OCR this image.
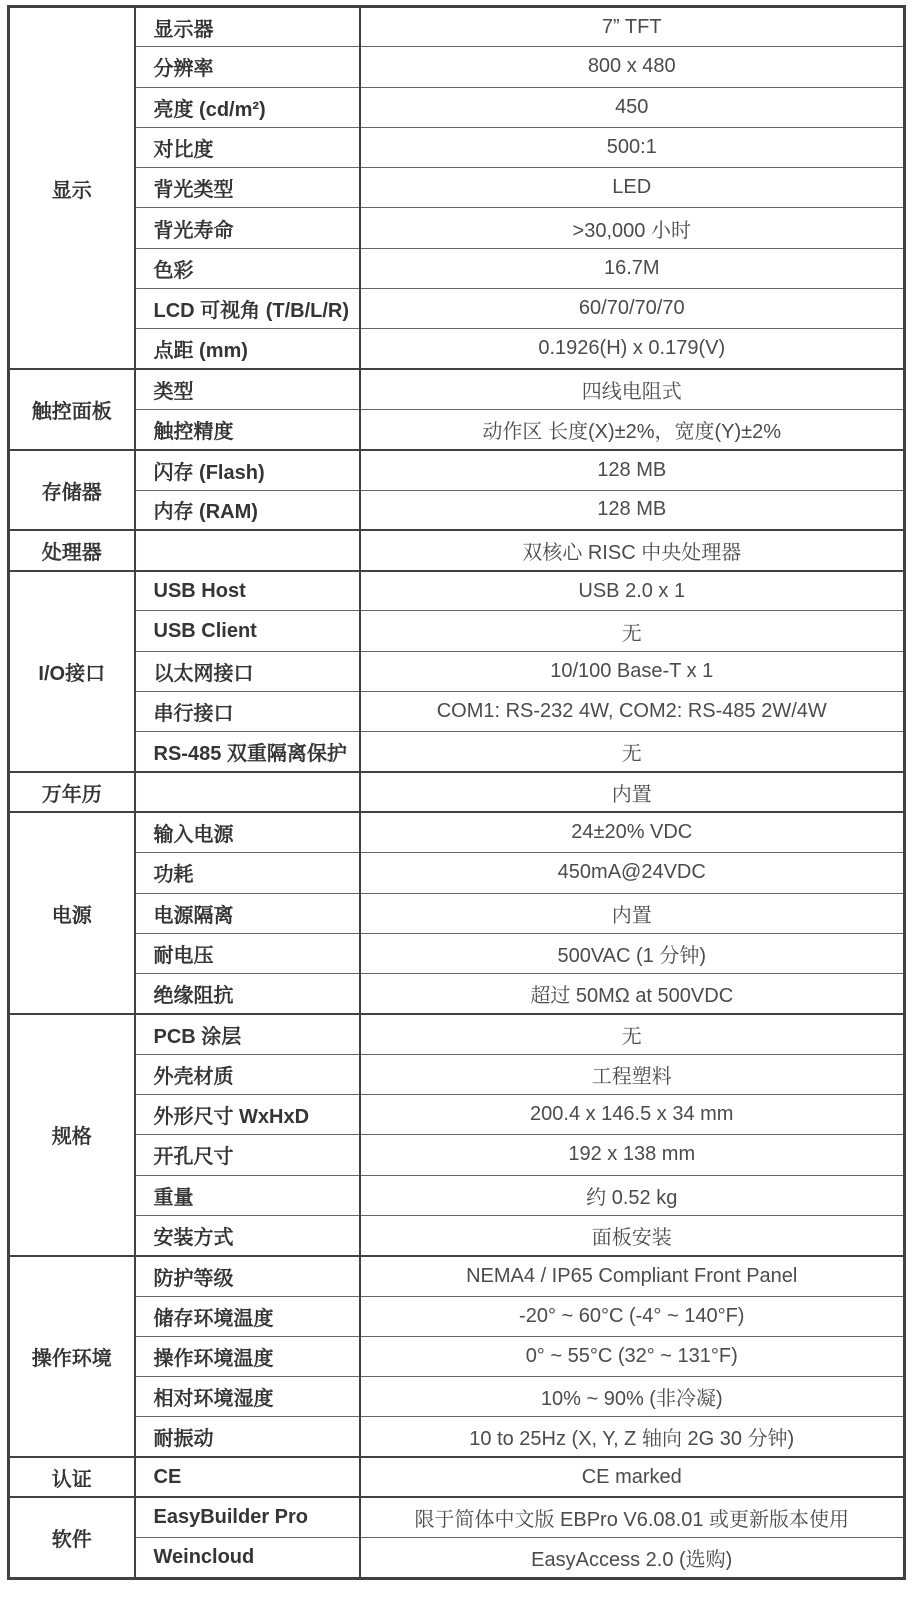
显示	显示器	7” TFT
	分辨率	800 x 480
	亮度 (cd/m²)	450
	对比度	500:1
	背光类型	LED
	背光寿命	>30,000 小时
	色彩	16.7M
	LCD 可视角 (T/B/L/R)	60/70/70/70
	点距 (mm)	0.1926(H) x 0.179(V)
触控面板	类型	四线电阻式
	触控精度	动作区 长度(X)±2%，宽度(Y)±2%
存储器	闪存 (Flash)	128 MB
	内存 (RAM)	128 MB
处理器		双核心 RISC 中央处理器
I/O接口	USB Host	USB 2.0 x 1
	USB Client	无
	以太网接口	10/100 Base-T x 1
	串行接口	COM1: RS-232 4W, COM2: RS-485 2W/4W
	RS-485 双重隔离保护	无
万年历		内置
电源	输入电源	24±20% VDC
	功耗	450mA@24VDC
	电源隔离	内置
	耐电压	500VAC (1 分钟)
	绝缘阻抗	超过 50MΩ at 500VDC
规格	PCB 涂层	无
	外壳材质	工程塑料
	外形尺寸 WxHxD	200.4 x 146.5 x 34 mm
	开孔尺寸	192 x 138 mm
	重量	约 0.52 kg
	安装方式	面板安装
操作环境	防护等级	NEMA4 / IP65 Compliant Front Panel
	储存环境温度	-20° ~ 60°C (-4° ~ 140°F)
	操作环境温度	0° ~ 55°C (32° ~ 131°F)
	相对环境湿度	10% ~ 90% (非冷凝)
	耐振动	10 to 25Hz (X, Y, Z 轴向 2G 30 分钟)
认证	CE	CE marked
软件	EasyBuilder Pro	限于简体中文版 EBPro V6.08.01 或更新版本使用
	Weincloud	EasyAccess 2.0 (选购)
